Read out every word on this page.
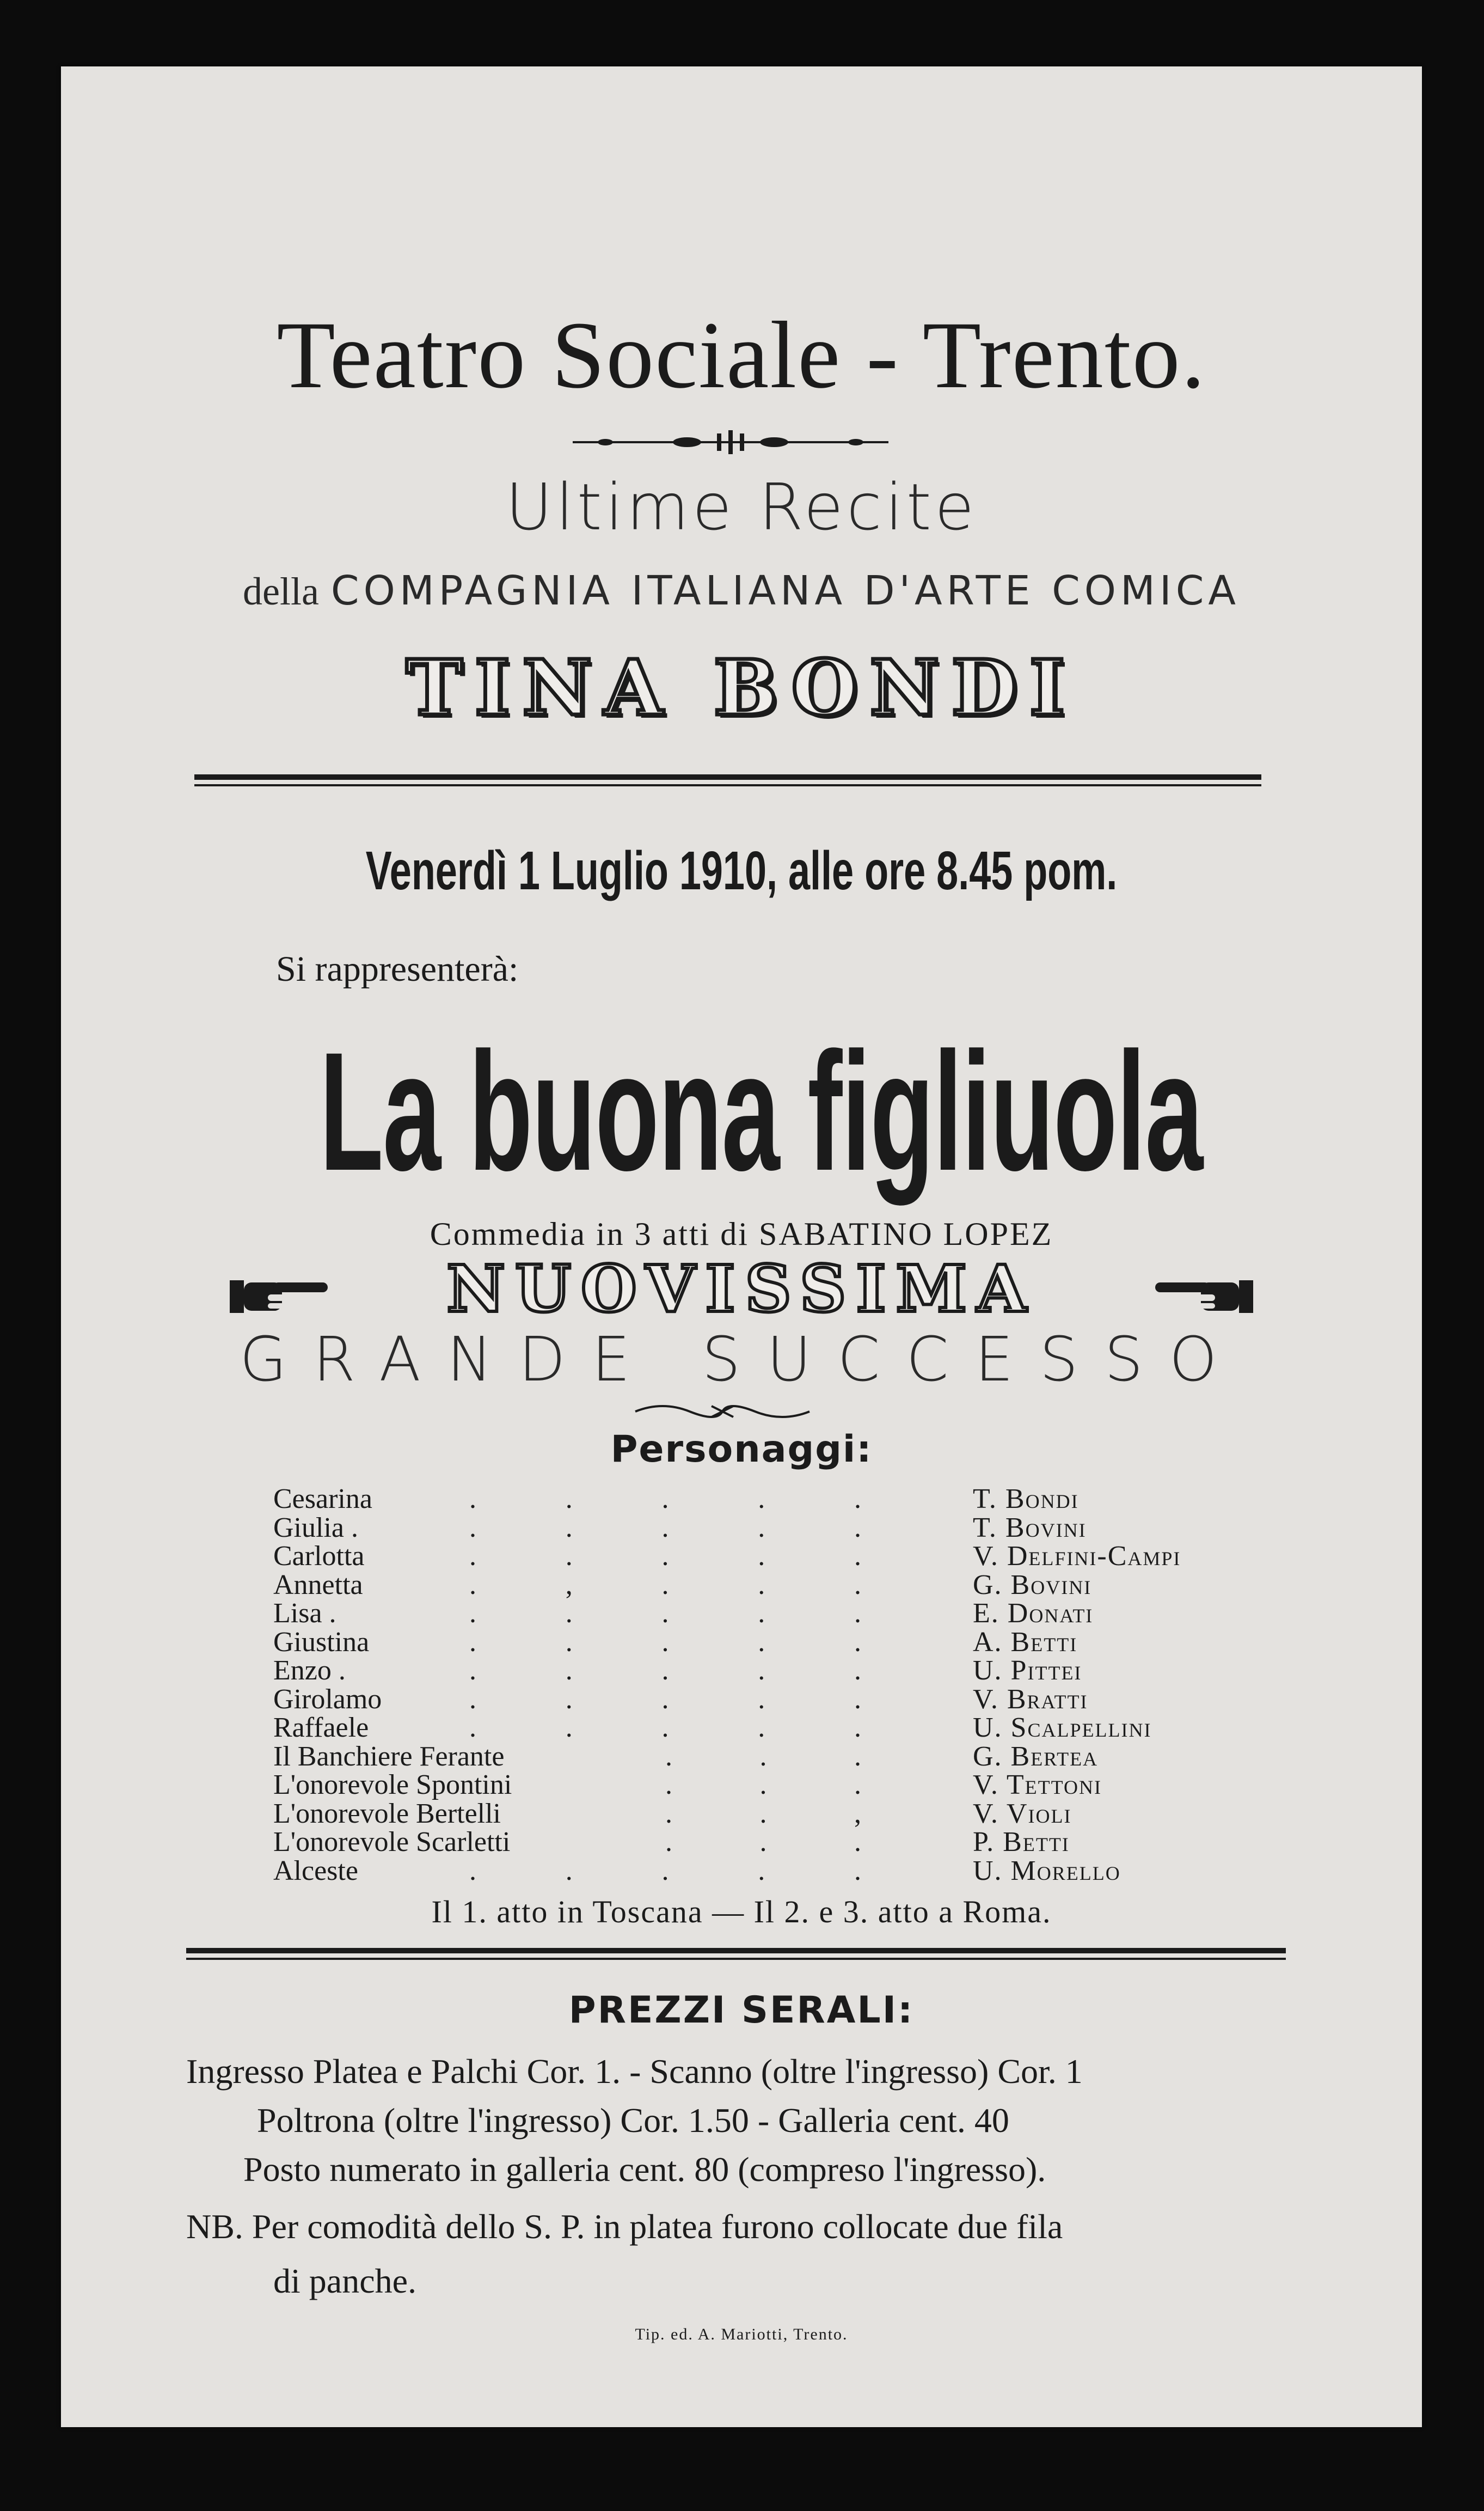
Teatro Sociale - Trento.
Ultime Recite
della COMPAGNIA ITALIANA D'ARTE COMICA
TINA BONDI
Venerdì 1 Luglio 1910, alle ore 8.45 pom.
Si rappresenterà:
La buona figliuola
Commedia in 3 atti di SABATINO LOPEZ
NUOVISSIMA
GRANDE SUCCESSO
Personaggi:
Cesarina	.	.	.	.	.	T. Bondi
Giulia .	.	.	.	.	.	T. Bovini
Carlotta	.	.	.	.	.	V. Delfini-Campi
Annetta	.	,	.	.	.	G. Bovini
Lisa .	.	.	.	.	.	E. Donati
Giustina	.	.	.	.	.	A. Betti
Enzo .	.	.	.	.	.	U. Pittei
Girolamo	.	.	.	.	.	V. Bratti
Raffaele	.	.	.	.	.	U. Scalpellini
Il Banchiere Ferante	.	.	.	G. Bertea
L'onorevole Spontini	.	.	.	V. Tettoni
L'onorevole Bertelli	.	.	,	V. Violi
L'onorevole Scarletti	.	.	.	P. Betti
Alceste	.	.	.	.	.	U. Morello
Il 1. atto in Toscana — Il 2. e 3. atto a Roma.
PREZZI SERALI:
Ingresso Platea e Palchi Cor. 1. - Scanno (oltre l'ingresso) Cor. 1
Poltrona (oltre l'ingresso) Cor. 1.50 - Galleria cent. 40
Posto numerato in galleria cent. 80 (compreso l'ingresso).
NB. Per comodità dello S. P. in platea furono collocate due fila
di panche.
Tip. ed. A. Mariotti, Trento.
